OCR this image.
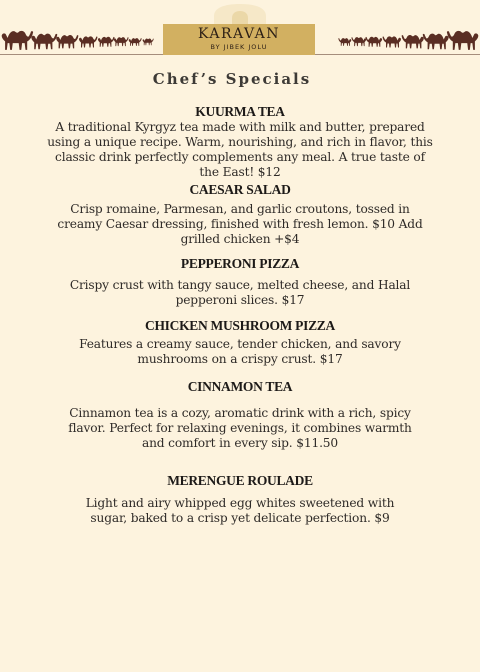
KARAVAN
BY JIBEK JOLU
Chef’s Specials
KUURMA TEA
A traditional Kyrgyz tea made with milk and butter, prepared using a unique recipe. Warm, nourishing, and rich in flavor, this classic drink perfectly complements any meal. A true taste of the East! $12
CAESAR SALAD
Crisp romaine, Parmesan, and garlic croutons, tossed in creamy Caesar dressing, finished with fresh lemon. $10 Add grilled chicken +$4
PEPPERONI PIZZA
Crispy crust with tangy sauce, melted cheese, and Halal pepperoni slices. $17
CHICKEN MUSHROOM PIZZA
Features a creamy sauce, tender chicken, and savory mushrooms on a crispy crust. $17
CINNAMON TEA
Cinnamon tea is a cozy, aromatic drink with a rich, spicy flavor. Perfect for relaxing evenings, it combines warmth and comfort in every sip. $11.50
MERENGUE ROULADE
Light and airy whipped egg whites sweetened with sugar, baked to a crisp yet delicate perfection. $9
